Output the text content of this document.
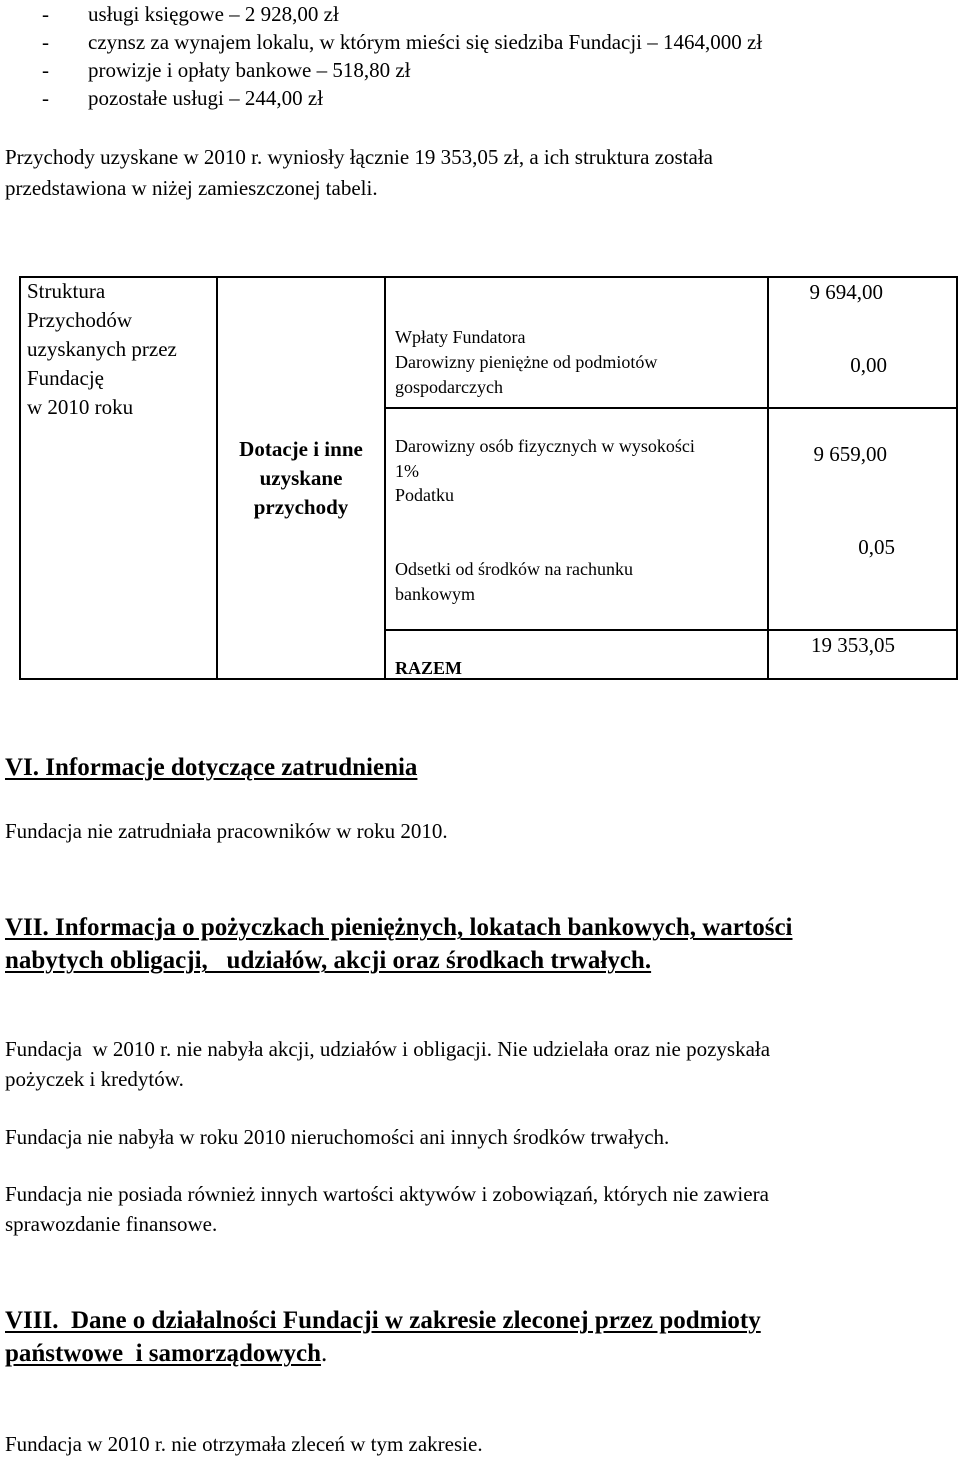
- usługi księgowe – 2 928,00 zł
- czynsz za wynajem lokalu, w którym mieści się siedziba Fundacji – 1464,000 zł
- prowizje i opłaty bankowe – 518,80 zł
- pozostałe usługi – 244,00 zł
Przychody uzyskane w 2010 r. wyniosły łącznie 19 353,05 zł, a ich struktura została
przedstawiona w niżej zamieszczonej tabeli.
Struktura
Przychodów
uzyskanych przez
Fundację
w 2010 roku
Dotacje i inne
uzyskane
przychody
Wpłaty Fundatora
Darowizny pieniężne od podmiotów
gospodarczych
Darowizny osób fizycznych w wysokości
1%
Podatku
Odsetki od środków na rachunku
bankowym
RAZEM
9 694,00
0,00
9 659,00
0,05
19 353,05
VI. Informacje dotyczące zatrudnienia
Fundacja nie zatrudniała pracowników w roku 2010.
VII. Informacja o pożyczkach pieniężnych, lokatach bankowych, wartości
nabytych obligacji,   udziałów, akcji oraz środkach trwałych.
Fundacja  w 2010 r. nie nabyła akcji, udziałów i obligacji. Nie udzielała oraz nie pozyskała
pożyczek i kredytów.
Fundacja nie nabyła w roku 2010 nieruchomości ani innych środków trwałych.
Fundacja nie posiada również innych wartości aktywów i zobowiązań, których nie zawiera
sprawozdanie finansowe.
VIII. Dane o działalności Fundacji w zakresie zleconej przez podmioty
państwowe  i samorządowych.
Fundacja w 2010 r. nie otrzymała zleceń w tym zakresie.
